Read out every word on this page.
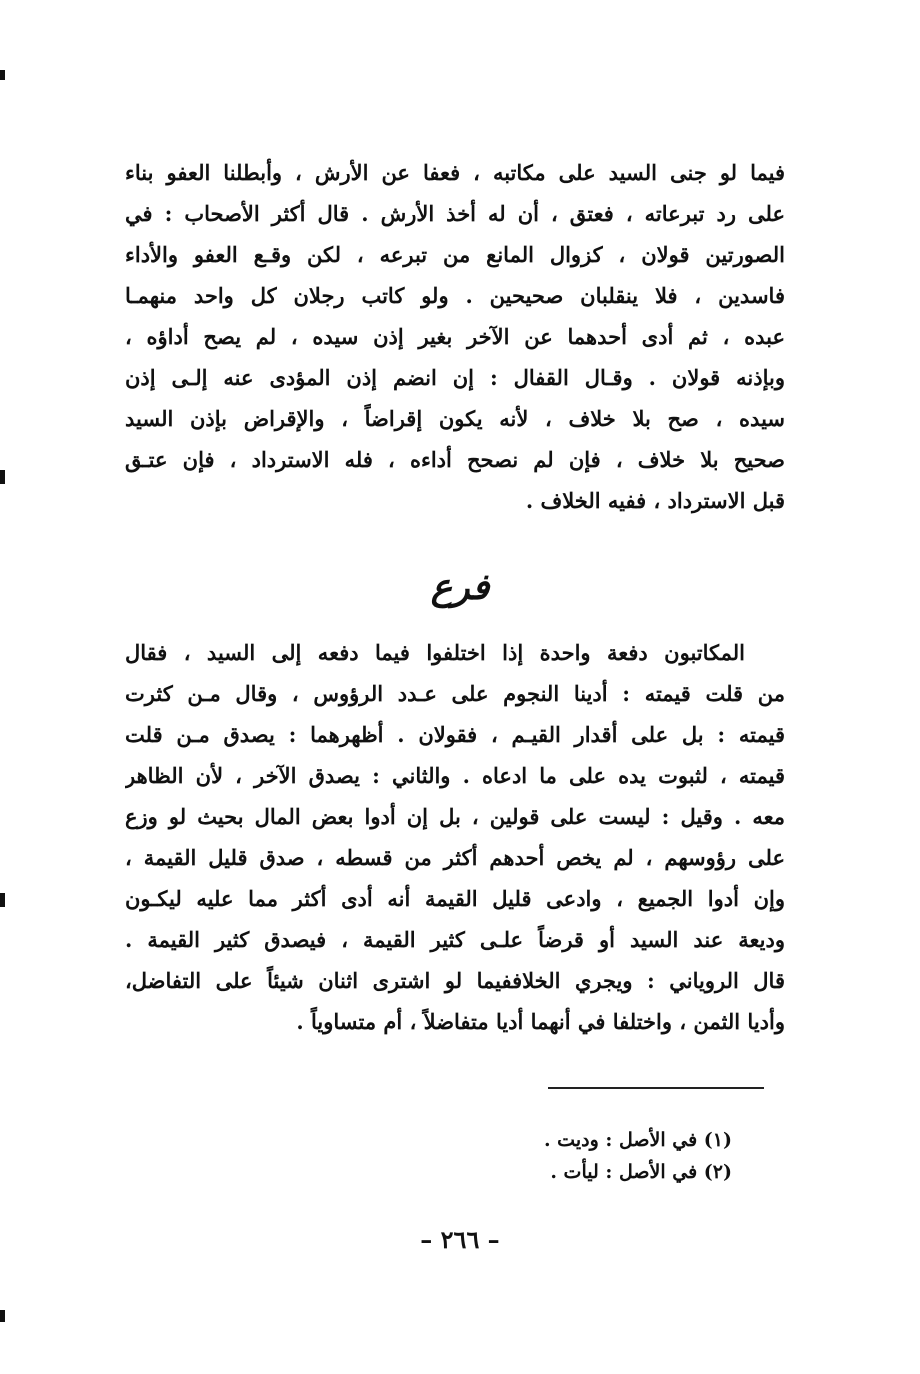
فيما لو جنى السيد على مكاتبه ، فعفا عن الأرش ، وأبطلنا العفو بناء
على رد تبرعاته ، فعتق ، أن له أخذ الأرش . قال أكثر الأصحاب : في
الصورتين قولان ، كزوال المانع من تبرعه ، لكن وقـع العفو والأداء
فاسدين ، فلا ينقلبان صحيحين . ولو كاتب رجلان كل واحد منهمـا
عبده ، ثم أدى أحدهما عن الآخر بغير إذن سيده ، لم يصح أداؤه ،
وبإذنه قولان . وقـال القفال : إن انضم إذن المؤدى عنه إلـى إذن
سيده ، صح بلا خلاف ، لأنه يكون إقراضاً ، والإقراض بإذن السيد
صحيح بلا خلاف ، فإن لم نصحح أداءه ، فله الاسترداد ، فإن عتـق
قبل الاسترداد ، ففيه الخلاف .
فرع
المكاتبون دفعة واحدة إذا اختلفوا فيما دفعه إلى السيد ، فقال
من قلت قيمته : أدينا النجوم على عـدد الرؤوس ، وقال مـن كثرت
قيمته : بل على أقدار القيـم ، فقولان . أظهرهما : يصدق مـن قلت
قيمته ، لثبوت يده على ما ادعاه . والثاني : يصدق الآخر ، لأن الظاهر
معه . وقيل : ليست على قولين ، بل إن أدوا بعض المال بحيث لو وزع
على رؤوسهم ، لم يخص أحدهم أكثر من قسطه ، صدق قليل القيمة ،
وإن أدوا الجميع ، وادعى قليل القيمة أنه أدى أكثر مما عليه ليكـون
وديعة عند السيد أو قرضاً علـى كثير القيمة ، فيصدق كثير القيمة .
قال الروياني : ويجري الخلاففيما لو اشترى اثنان شيئاً على التفاضل،
وأديا الثمن ، واختلفا في أنهما أديا متفاضلاً ، أم متساوياً .
(١) في الأصل : وديت .
(٢) في الأصل : ليأت .
– ٢٦٦ –
